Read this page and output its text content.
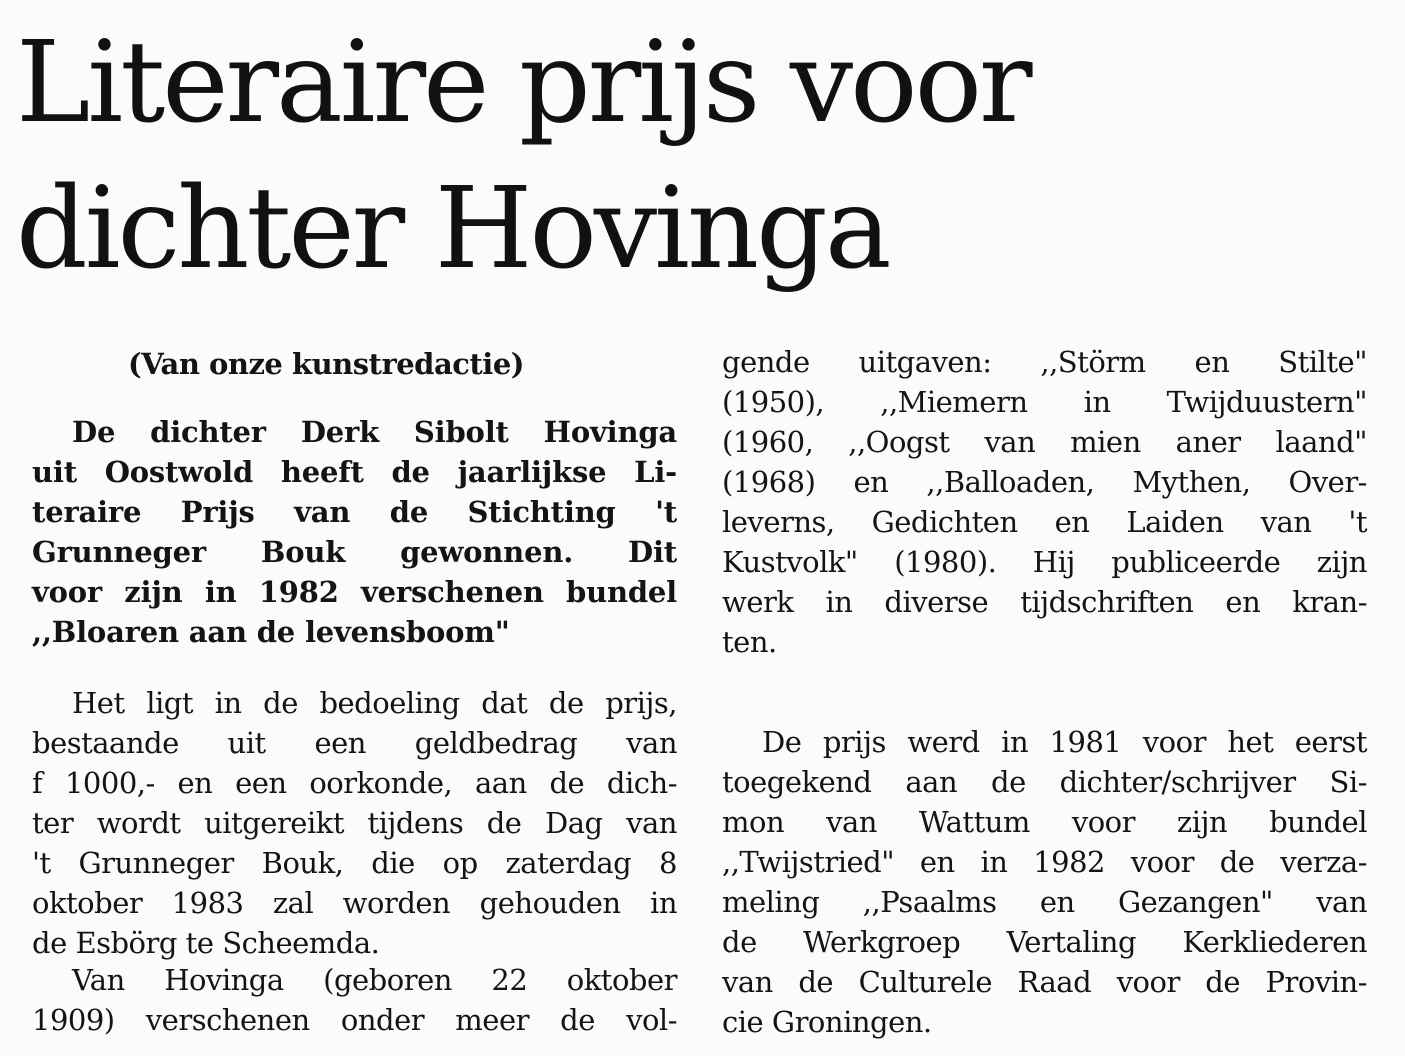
Literaire prijs voor
dichter Hovinga
(Van onze kunstredactie)
De dichter Derk Sibolt Hovinga
uit Oostwold heeft de jaarlijkse Li-
teraire Prijs van de Stichting 't
Grunneger Bouk gewonnen. Dit
voor zijn in 1982 verschenen bundel
,,Bloaren aan de levensboom"
Het ligt in de bedoeling dat de prijs,
bestaande uit een geldbedrag van
f 1000,- en een oorkonde, aan de dich-
ter wordt uitgereikt tijdens de Dag van
't Grunneger Bouk, die op zaterdag 8
oktober 1983 zal worden gehouden in
de Esbörg te Scheemda.
Van Hovinga (geboren 22 oktober
1909) verschenen onder meer de vol-
gende uitgaven: ,,Störm en Stilte"
(1950), ,,Miemern in Twijduustern"
(1960, ,,Oogst van mien aner laand"
(1968) en ,,Balloaden, Mythen, Over-
leverns, Gedichten en Laiden van 't
Kustvolk" (1980). Hij publiceerde zijn
werk in diverse tijdschriften en kran-
ten.
De prijs werd in 1981 voor het eerst
toegekend aan de dichter/schrijver Si-
mon van Wattum voor zijn bundel
,,Twijstried" en in 1982 voor de verza-
meling ,,Psaalms en Gezangen" van
de Werkgroep Vertaling Kerkliederen
van de Culturele Raad voor de Provin-
cie Groningen.
